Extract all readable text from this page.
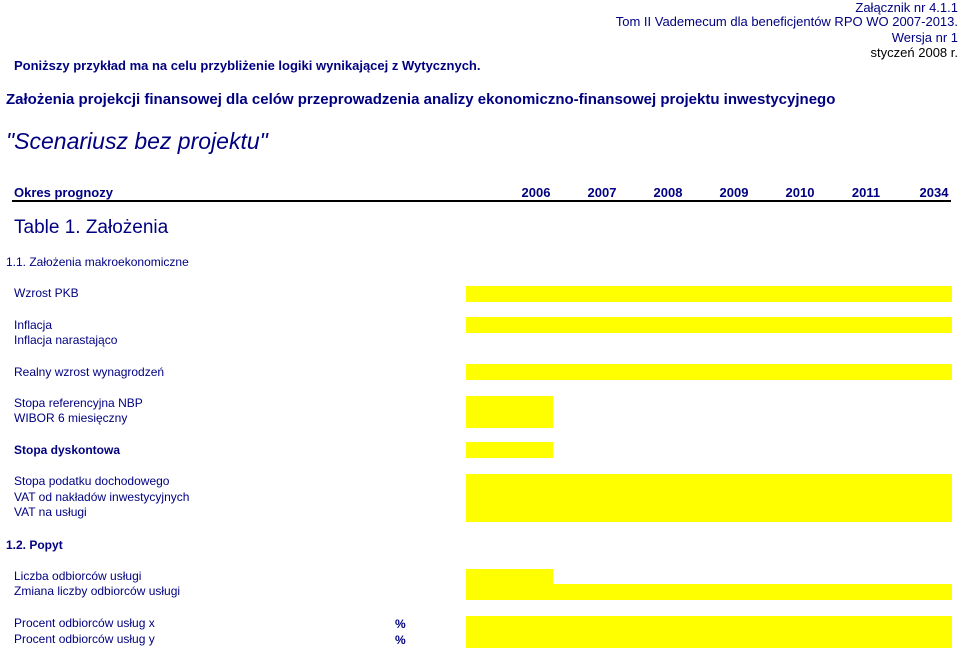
Załącznik nr 4.1.1
Tom II Vademecum dla beneficjentów RPO WO 2007-2013.
Wersja nr 1
styczeń 2008 r.
Poniższy przykład ma na celu przybliżenie logiki wynikającej z Wytycznych.
Założenia projekcji finansowej dla celów przeprowadzenia analizy ekonomiczno-finansowej projektu inwestycyjnego
"Scenariusz bez projektu"
Okres prognozy	2006	2007	2008	2009	2010	2011	2034
Table 1. Założenia
1.1. Założenia makroekonomiczne
Wzrost PKB
Inflacja
Inflacja narastająco
Realny wzrost wynagrodzeń
Stopa referencyjna NBP
WIBOR 6 miesięczny
Stopa dyskontowa
Stopa podatku dochodowego
VAT od nakładów inwestycyjnych
VAT na usługi
1.2. Popyt
Liczba odbiorców usługi
Zmiana liczby odbiorców usługi
Procent odbiorców usług x	%
Procent odbiorców usług y	%
